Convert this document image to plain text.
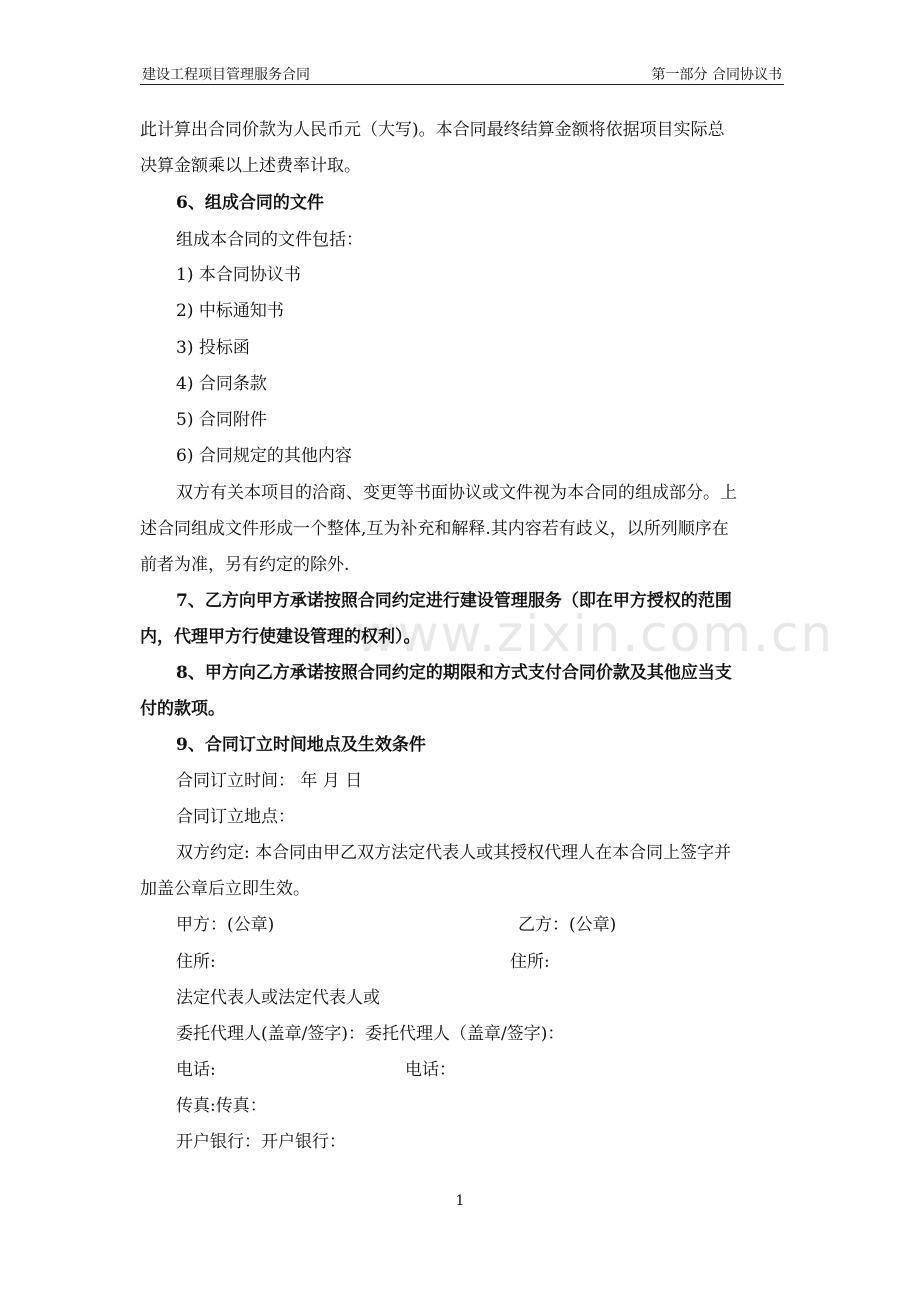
建设工程项目管理服务合同	第一部分 合同协议书
www.zixin.com.cn
此计算出合同价款为人民币元（大写)。本合同最终结算金额将依据项目实际总
决算金额乘以上述费率计取。
6、组成合同的文件
组成本合同的文件包括：
1) 本合同协议书
2) 中标通知书
3) 投标函
4) 合同条款
5) 合同附件
6) 合同规定的其他内容
双方有关本项目的洽商、变更等书面协议或文件视为本合同的组成部分。上
述合同组成文件形成一个整体,互为补充和解释.其内容若有歧义，以所列顺序在
前者为准，另有约定的除外.
7、乙方向甲方承诺按照合同约定进行建设管理服务（即在甲方授权的范围
内，代理甲方行使建设管理的权利）。
8、甲方向乙方承诺按照合同约定的期限和方式支付合同价款及其他应当支
付的款项。
9、合同订立时间地点及生效条件
合同订立时间： 年 月 日
合同订立地点：
双方约定: 本合同由甲乙双方法定代表人或其授权代理人在本合同上签字并
加盖公章后立即生效。
甲方：(公章)	乙方：(公章)
住所:	住所:
法定代表人或法定代表人或
委托代理人(盖章/签字)：委托代理人（盖章/签字)：
电话:	电话：
传真:传真：
开户银行：开户银行：
1
